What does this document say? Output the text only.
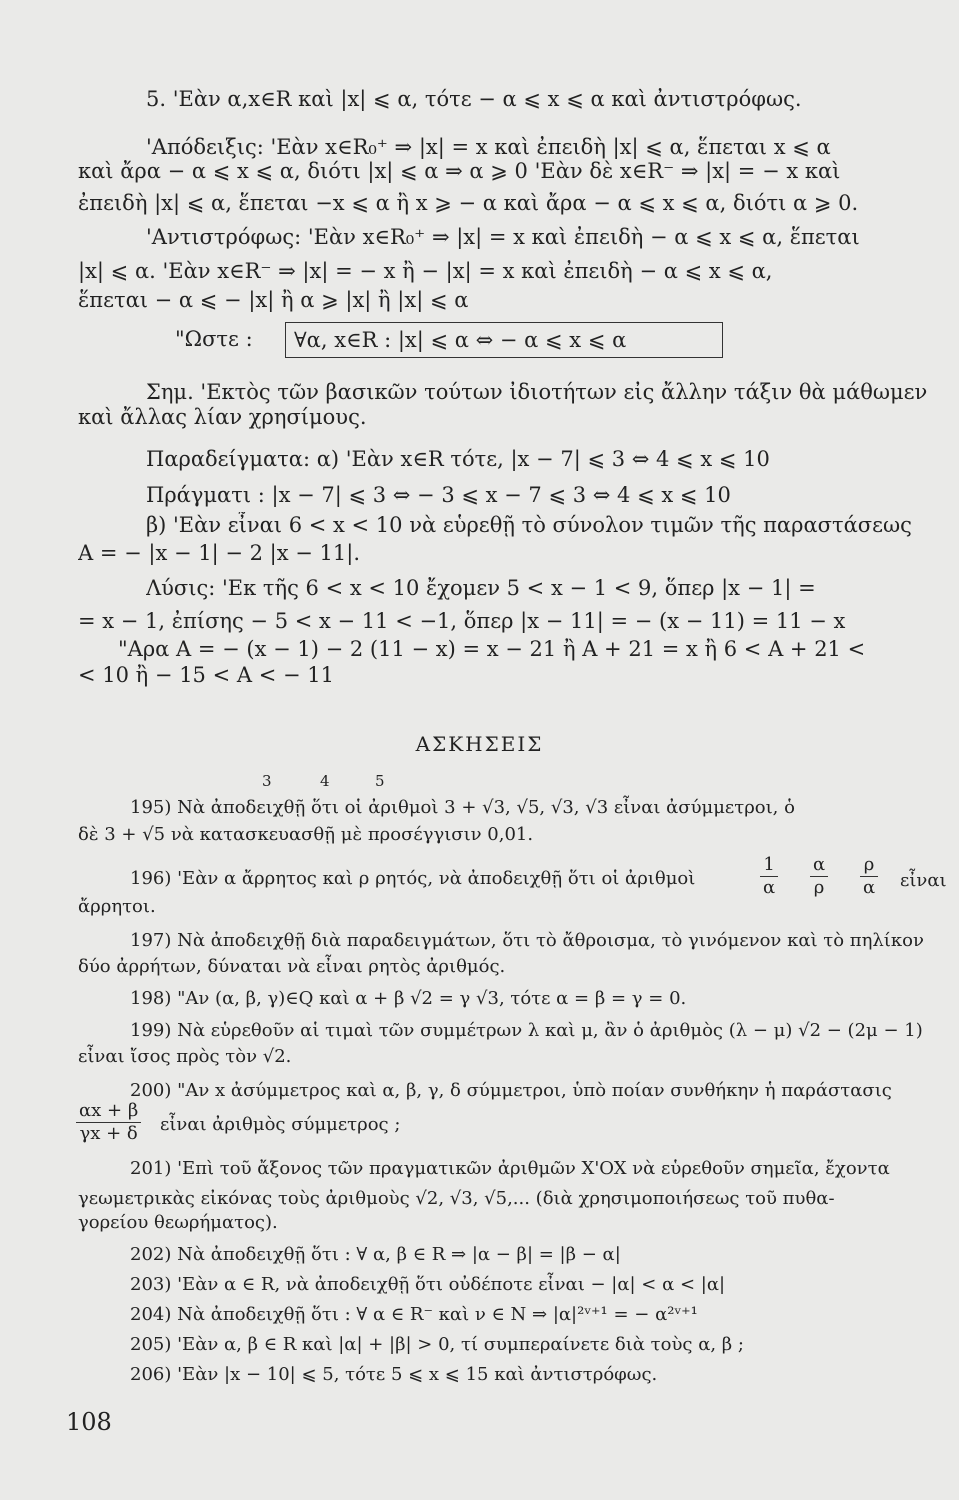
5. 'Εὰν α,x∈R καὶ |x| ⩽ α, τότε − α ⩽ x ⩽ α καὶ ἀντιστρόφως.
'Απόδειξις: 'Εὰν x∈R₀⁺ ⇒ |x| = x καὶ ἐπειδὴ |x| ⩽ α, ἕπεται x ⩽ α
καὶ ἄρα − α ⩽ x ⩽ α, διότι |x| ⩽ α ⇒ α ⩾ 0 'Εὰν δὲ x∈R⁻ ⇒ |x| = − x καὶ
ἐπειδὴ |x| ⩽ α, ἕπεται −x ⩽ α ἢ x ⩾ − α καὶ ἄρα − α ⩽ x ⩽ α, διότι α ⩾ 0.
'Αντιστρόφως: 'Εὰν x∈R₀⁺ ⇒ |x| = x καὶ ἐπειδὴ − α ⩽ x ⩽ α, ἕπεται
|x| ⩽ α. 'Εὰν x∈R⁻ ⇒ |x| = − x ἢ − |x| = x καὶ ἐπειδὴ − α ⩽ x ⩽ α,
ἕπεται − α ⩽ − |x| ἢ α ⩾ |x| ἢ |x| ⩽ α
"Ωστε :	∀α, x∈R : |x| ⩽ α ⇔ − α ⩽ x ⩽ α
Σημ. 'Εκτὸς τῶν βασικῶν τούτων ἰδιοτήτων εἰς ἄλλην τάξιν θὰ μάθωμεν
καὶ ἄλλας λίαν χρησίμους.
Παραδείγματα: α) 'Εὰν x∈R τότε, |x − 7| ⩽ 3 ⇔ 4 ⩽ x ⩽ 10
Πράγματι : |x − 7| ⩽ 3 ⇔ − 3 ⩽ x − 7 ⩽ 3 ⇔ 4 ⩽ x ⩽ 10
β) 'Εὰν εἶναι 6 < x < 10 νὰ εὑρεθῇ τὸ σύνολον τιμῶν τῆς παραστάσεως
A = − |x − 1| − 2 |x − 11|.
Λύσις: 'Εκ τῆς 6 < x < 10 ἔχομεν 5 < x − 1 < 9, ὅπερ |x − 1| =
= x − 1, ἐπίσης − 5 < x − 11 < −1, ὅπερ |x − 11| = − (x − 11) = 11 − x
"Αρα A = − (x − 1) − 2 (11 − x) = x − 21 ἢ A + 21 = x ἢ 6 < A + 21 <
< 10 ἢ − 15 < A < − 11
ΑΣΚΗΣΕΙΣ
3	4	5
195) Νὰ ἀποδειχθῇ ὅτι οἱ ἀριθμοὶ 3 + √3, √5, √3, √3 εἶναι ἀσύμμετροι, ὁ
δὲ 3 + √5 νὰ κατασκευασθῇ μὲ προσέγγισιν 0,01.
196) 'Εὰν α ἄρρητος καὶ ρ ρητός, νὰ ἀποδειχθῇ ὅτι οἱ ἀριθμοὶ	$\frac{1}{\alpha} \frac{\alpha}{\rho} \frac{\rho}{\alpha}$ εἶναι
ἄρρητοι.
197) Νὰ ἀποδειχθῇ διὰ παραδειγμάτων, ὅτι τὸ ἄθροισμα, τὸ γινόμενον καὶ τὸ πηλίκον
δύο ἀρρήτων, δύναται νὰ εἶναι ρητὸς ἀριθμός.
198) "Αν (α, β, γ)∈Q καὶ α + β √2 = γ √3, τότε α = β = γ = 0.
199) Νὰ εὑρεθοῦν αἱ τιμαὶ τῶν συμμέτρων λ καὶ μ, ἂν ὁ ἀριθμὸς (λ − μ) √2 − (2μ − 1)
εἶναι ἴσος πρὸς τὸν √2.
200) "Αν x ἀσύμμετρος καὶ α, β, γ, δ σύμμετροι, ὑπὸ ποίαν συνθήκην ἡ παράστασις
$\frac{\alpha x + \beta}{\gamma x + \delta}$ εἶναι ἀριθμὸς σύμμετρος ;
201) 'Επὶ τοῦ ἄξονος τῶν πραγματικῶν ἀριθμῶν X'OX νὰ εὑρεθοῦν σημεῖα, ἔχοντα
γεωμετρικὰς εἰκόνας τοὺς ἀριθμοὺς √2, √3, √5,... (διὰ χρησιμοποιήσεως τοῦ πυθα-
γορείου θεωρήματος).
202) Νὰ ἀποδειχθῇ ὅτι : ∀ α, β ∈ R ⇒ |α − β| = |β − α|
203) 'Εὰν α ∈ R, νὰ ἀποδειχθῇ ὅτι οὐδέποτε εἶναι − |α| < α < |α|
204) Νὰ ἀποδειχθῇ ὅτι : ∀ α ∈ R⁻ καὶ ν ∈ N ⇒ |α|²ᵛ⁺¹ = − α²ᵛ⁺¹
205) 'Εὰν α, β ∈ R καὶ |α| + |β| > 0, τί συμπεραίνετε διὰ τοὺς α, β ;
206) 'Εὰν |x − 10| ⩽ 5, τότε 5 ⩽ x ⩽ 15 καὶ ἀντιστρόφως.
108
